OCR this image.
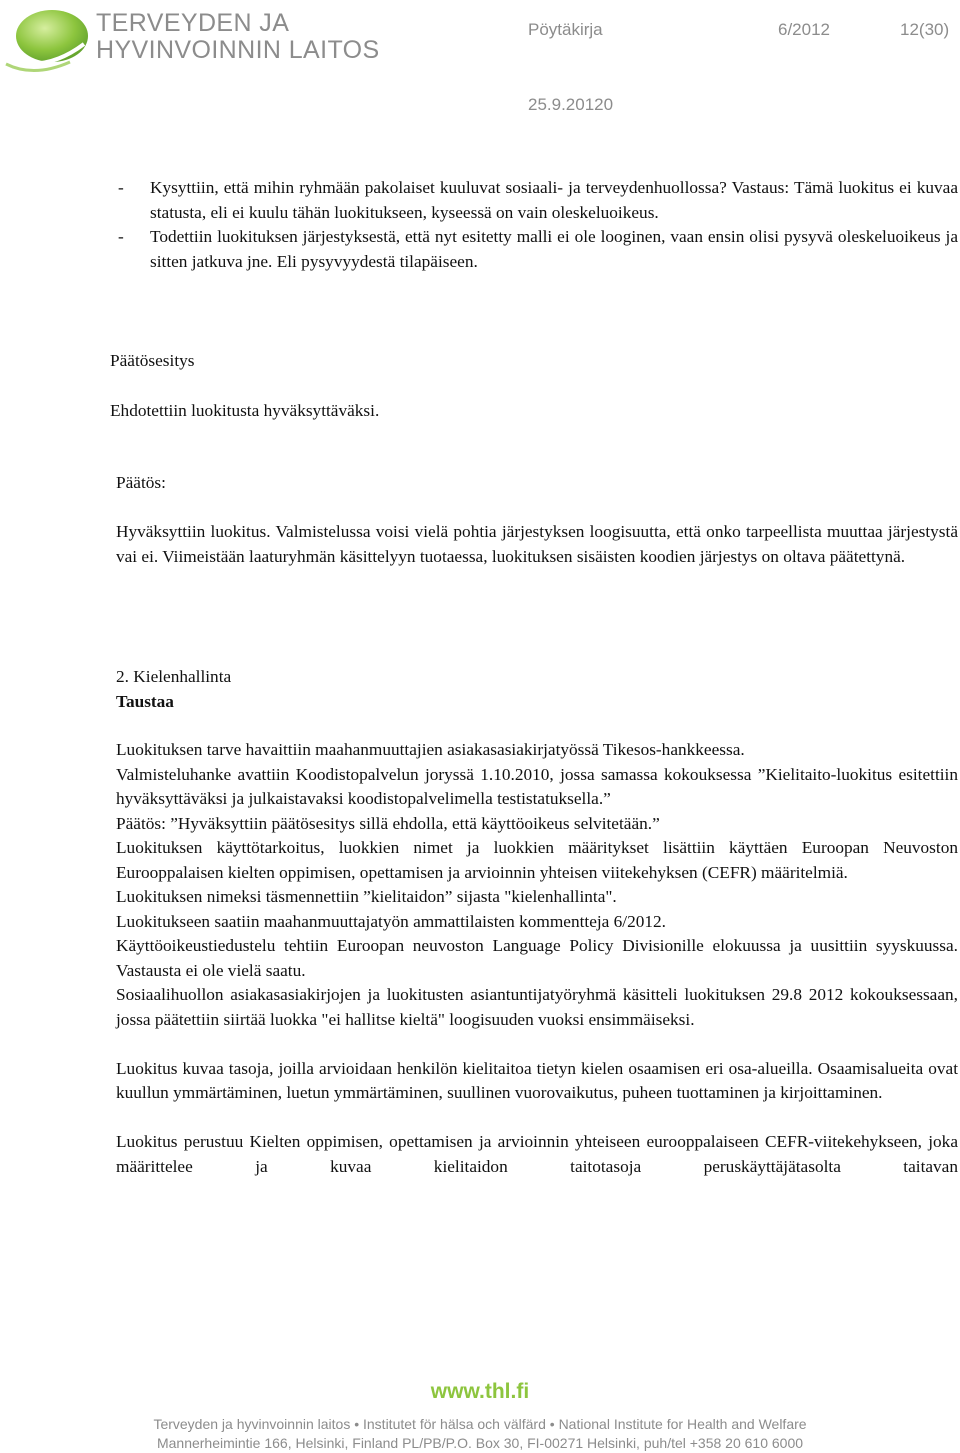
TERVEYDEN JA
HYVINVOINNIN LAITOS
Pöytäkirja	6/2012	12(30)
25.9.20120
- Kysyttiin, että mihin ryhmään pakolaiset kuuluvat sosiaali- ja terveydenhuollossa? Vastaus: Tämä luokitus ei kuvaa statusta, eli ei kuulu tähän luokitukseen, kyseessä on vain oleskeluoikeus.

- Todettiin luokituksen järjestyksestä, että nyt esitetty malli ei ole looginen, vaan ensin olisi pysyvä oleskeluoikeus ja sitten jatkuva jne. Eli pysyvyydestä tilapäiseen.

Päätösesitys
Ehdotettiin luokitusta hyväksyttäväksi.
Päätös:

Hyväksyttiin luokitus. Valmistelussa voisi vielä pohtia järjestyksen loogisuutta, että onko tarpeellista muuttaa järjestystä vai ei. Viimeistään laaturyhmän käsittelyyn tuotaessa, luokituksen sisäisten koodien järjestys on oltava päätettynä.

2. Kielenhallinta
Taustaa

Luokituksen tarve havaittiin maahanmuuttajien asiakasasiakirjatyössä Tikesos-hankkeessa.

Valmisteluhanke avattiin Koodistopalvelun joryssä 1.10.2010, jossa samassa kokouksessa ”Kielitaito-luokitus esitettiin hyväksyttäväksi ja julkaistavaksi koodistopalvelimella testistatuksella.”

Päätös: ”Hyväksyttiin päätösesitys sillä ehdolla, että käyttöoikeus selvitetään.”

Luokituksen käyttötarkoitus, luokkien nimet ja luokkien määritykset lisättiin käyttäen Euroopan Neuvoston Eurooppalaisen kielten oppimisen, opettamisen ja arvioinnin yhteisen viitekehyksen (CEFR) määritelmiä.

Luokituksen nimeksi täsmennettiin ”kielitaidon” sijasta "kielenhallinta".

Luokitukseen saatiin maahanmuuttajatyön ammattilaisten kommentteja 6/2012.

Käyttöoikeustiedustelu tehtiin Euroopan neuvoston Language Policy Divisionille elokuussa ja uusittiin syyskuussa. Vastausta ei ole vielä saatu.

Sosiaalihuollon asiakasasiakirjojen ja luokitusten asiantuntijatyöryhmä käsitteli luokituksen 29.8 2012 kokouksessaan, jossa päätettiin siirtää luokka "ei hallitse kieltä" loogisuuden vuoksi ensimmäiseksi.

Luokitus kuvaa tasoja, joilla arvioidaan henkilön kielitaitoa tietyn kielen osaamisen eri osa-alueilla. Osaamisalueita ovat kuullun ymmärtäminen, luetun ymmärtäminen, suullinen vuorovaikutus, puheen tuottaminen ja kirjoittaminen.

Luokitus perustuu Kielten oppimisen, opettamisen ja arvioinnin yhteiseen eurooppalaiseen CEFR-viitekehykseen, joka määrittelee ja kuvaa kielitaidon taitotasoja peruskäyttäjätasolta taitavan

www.thl.fi
Terveyden ja hyvinvoinnin laitos • Institutet för hälsa och välfärd • National Institute for Health and Welfare
Mannerheimintie 166, Helsinki, Finland PL/PB/P.O. Box 30, FI-00271 Helsinki, puh/tel +358 20 610 6000
